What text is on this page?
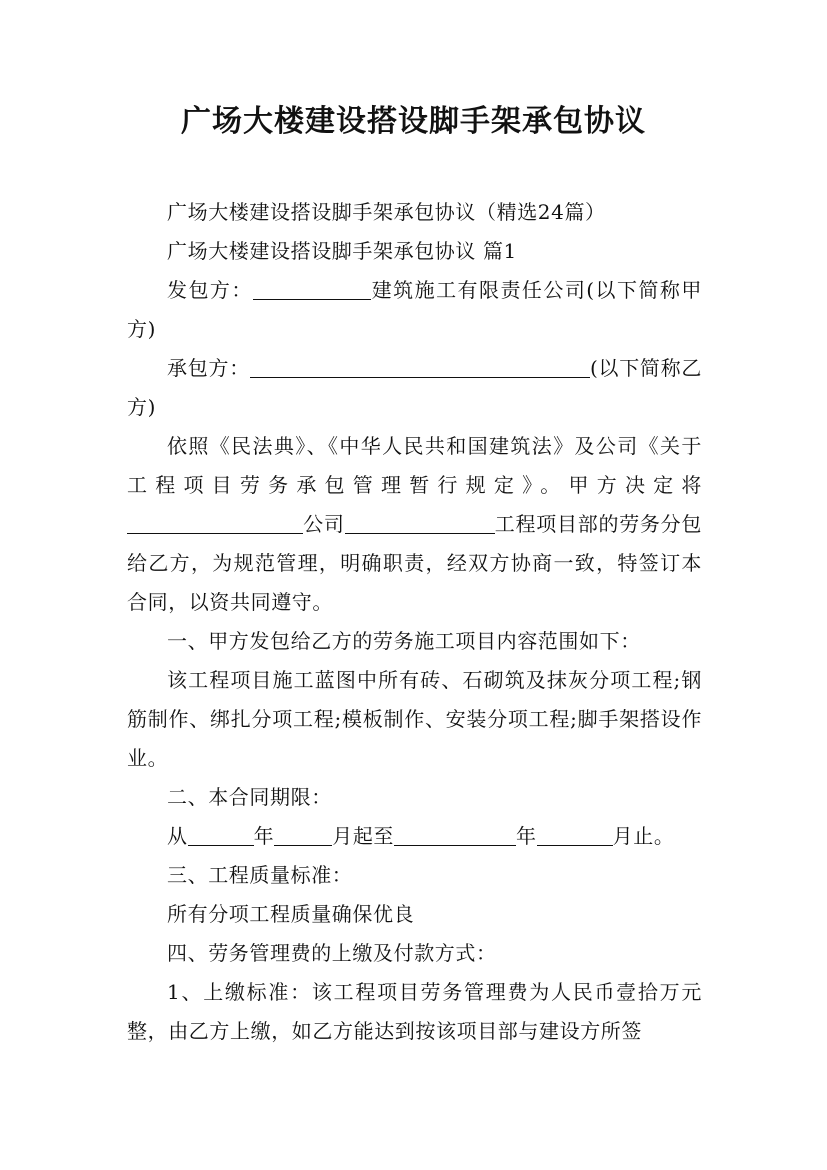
广场大楼建设搭设脚手架承包协议

广场大楼建设搭设脚手架承包协议（精选24篇）

广场大楼建设搭设脚手架承包协议 篇1

发包方：	建筑施工有限责任公司(以下简称甲方)

承包方：	(以下简称乙方)

依照《民法典》、《中华人民共和国建筑法》及公司《关于工程项目劳务承包管理暂行规定》。甲方决定将公司	工程项目部的劳务分包给乙方，为规范管理，明确职责，经双方协商一致，特签订本合同，以资共同遵守。

一、甲方发包给乙方的劳务施工项目内容范围如下：

该工程项目施工蓝图中所有砖、石砌筑及抹灰分项工程;钢筋制作、绑扎分项工程;模板制作、安装分项工程;脚手架搭设作业。

二、本合同期限：

从	年	月起至	年	月止。

三、工程质量标准：

所有分项工程质量确保优良

四、劳务管理费的上缴及付款方式：

1、上缴标准：该工程项目劳务管理费为人民币壹拾万元整，由乙方上缴，如乙方能达到按该项目部与建设方所签
